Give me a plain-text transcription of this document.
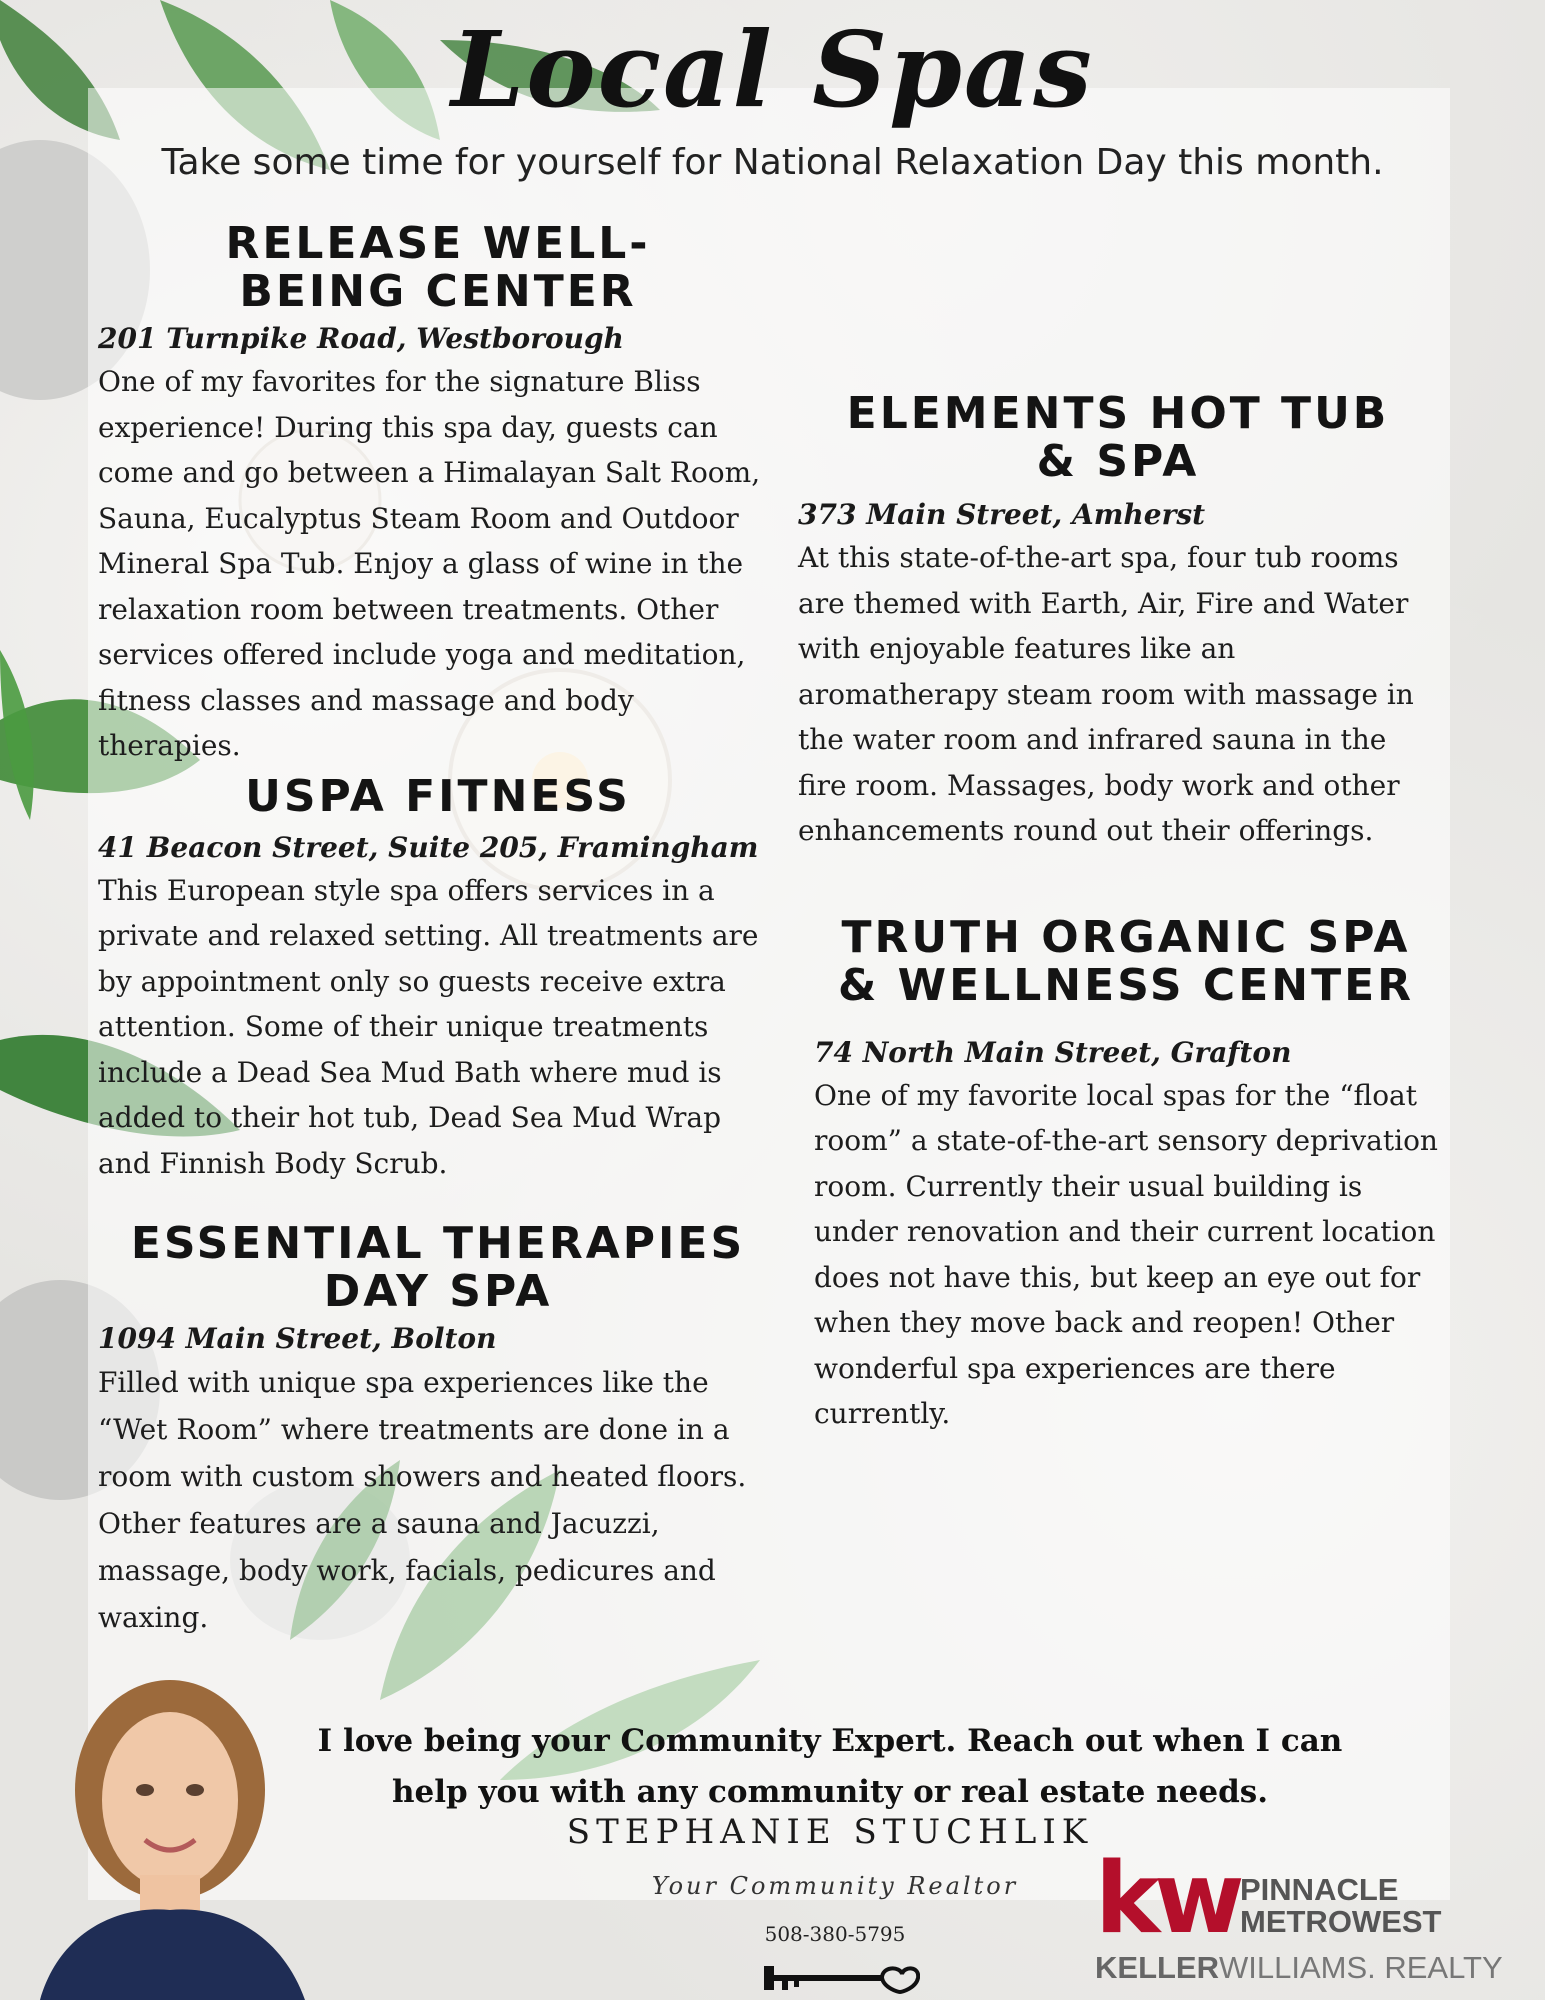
Local Spas
Take some time for yourself for National Relaxation Day this month.
RELEASE WELL-
BEING CENTER
201 Turnpike Road, Westborough

One of my favorites for the signature Bliss experience! During this spa day, guests can come and go between a Himalayan Salt Room, Sauna, Eucalyptus Steam Room and Outdoor Mineral Spa Tub. Enjoy a glass of wine in the relaxation room between treatments. Other services offered include yoga and meditation, fitness classes and massage and body therapies.

USPA FITNESS
41 Beacon Street, Suite 205, Framingham

This European style spa offers services in a private and relaxed setting. All treatments are by appointment only so guests receive extra attention. Some of their unique treatments include a Dead Sea Mud Bath where mud is added to their hot tub, Dead Sea Mud Wrap and Finnish Body Scrub.

ESSENTIAL THERAPIES
DAY SPA
1094 Main Street, Bolton

Filled with unique spa experiences like the “Wet Room” where treatments are done in a room with custom showers and heated floors. Other features are a sauna and Jacuzzi, massage, body work, facials, pedicures and waxing.

ELEMENTS HOT TUB
& SPA
373 Main Street, Amherst

At this state-of-the-art spa, four tub rooms are themed with Earth, Air, Fire and Water with enjoyable features like an aromatherapy steam room with massage in the water room and infrared sauna in the fire room. Massages, body work and other enhancements round out their offerings.

TRUTH ORGANIC SPA
& WELLNESS CENTER
74 North Main Street, Grafton

One of my favorite local spas for the “float room” a state-of-the-art sensory deprivation room. Currently their usual building is under renovation and their current location does not have this, but keep an eye out for when they move back and reopen! Other wonderful spa experiences are there currently.

I love being your Community Expert. Reach out when I can help you with any community or real estate needs.
STEPHANIE STUCHLIK
Your Community Realtor
508-380-5795	kw PINNACLE
METROWEST
KELLERWILLIAMS. REALTY
